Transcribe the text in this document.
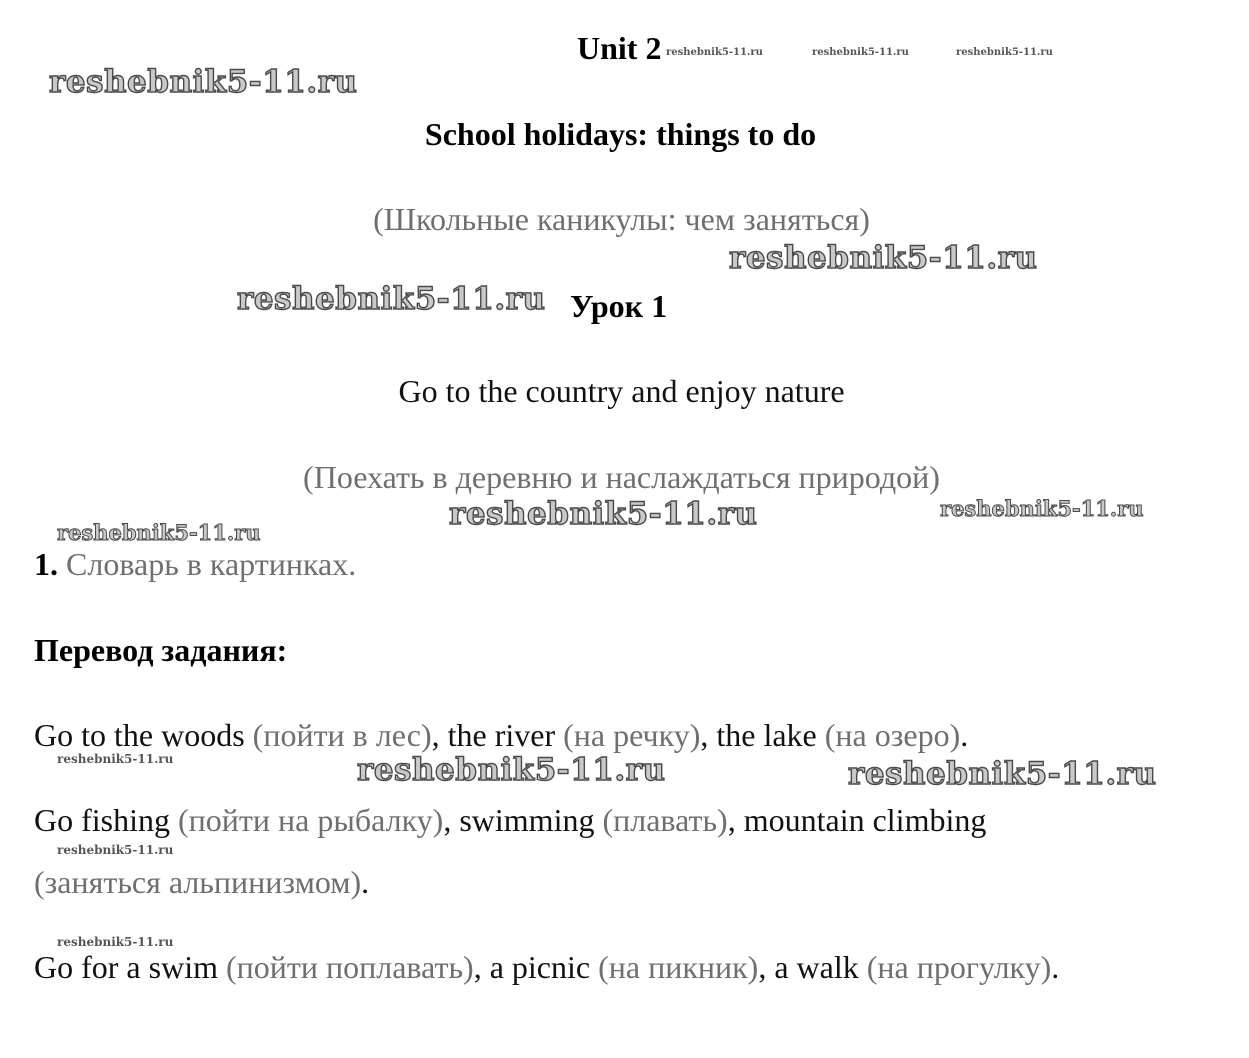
Unit 2
School holidays: things to do
(Школьные каникулы: чем заняться)
Урок 1
Go to the country and enjoy nature
(Поехать в деревню и наслаждаться природой)
1. Словарь в картинках.
Перевод задания:
Go to the woods (пойти в лес), the river (на речку), the lake (на озеро).
Go fishing (пойти на рыбалку), swimming (плавать), mountain climbing
(заняться альпинизмом).
Go for a swim (пойти поплавать), a picnic (на пикник), a walk (на прогулку).
reshebnik5-11.ru	reshebnik5-11.ru	reshebnik5-11.ru
reshebnik5-11.ru
reshebnik5-11.ru
reshebnik5-11.ru
reshebnik5-11.ru	reshebnik5-11.ru
reshebnik5-11.ru
reshebnik5-11.ru	reshebnik5-11.ru	reshebnik5-11.ru
reshebnik5-11.ru
reshebnik5-11.ru
